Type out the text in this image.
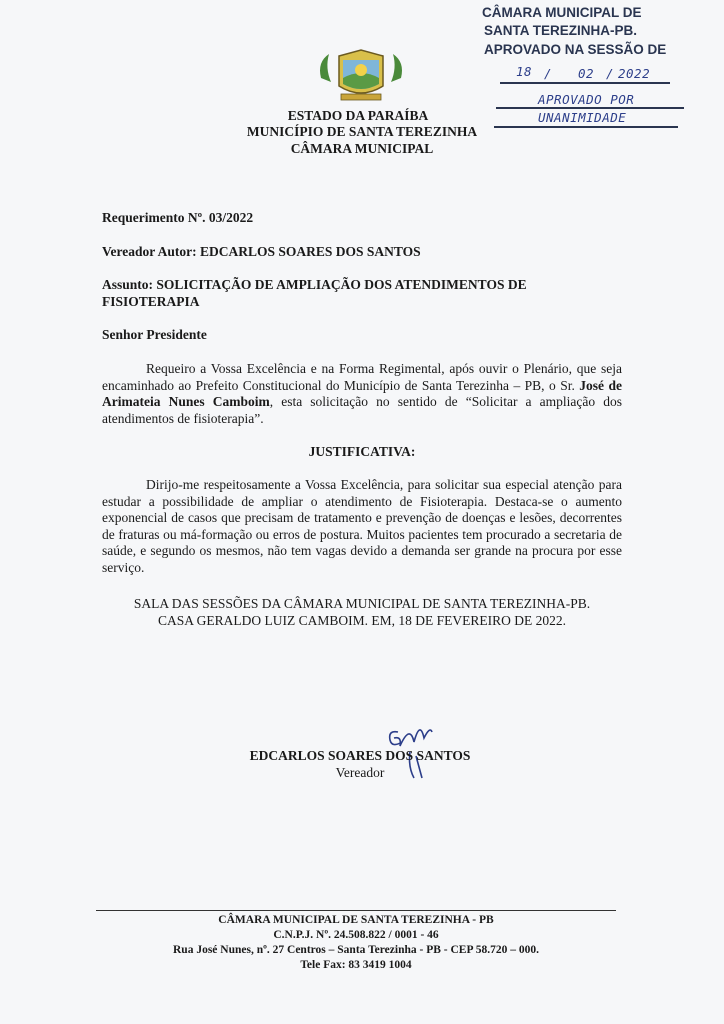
CÂMARA MUNICIPAL DE
SANTA TEREZINHA-PB.
APROVADO NA SESSÃO DE
18 / 02 / 2022
APROVADO POR
UNANIMIDADE
ESTADO DA PARAÍBA
MUNICÍPIO DE SANTA TEREZINHA
CÂMARA MUNICIPAL
Requerimento Nº. 03/2022
Vereador Autor: EDCARLOS SOARES DOS SANTOS
Assunto: SOLICITAÇÃO DE AMPLIAÇÃO DOS ATENDIMENTOS DE FISIOTERAPIA
Senhor Presidente
Requeiro a Vossa Excelência e na Forma Regimental, após ouvir o Plenário, que seja encaminhado ao Prefeito Constitucional do Município de Santa Terezinha – PB, o Sr. José de Arimateia Nunes Camboim, esta solicitação no sentido de “Solicitar a ampliação dos atendimentos de fisioterapia”.
JUSTIFICATIVA:
Dirijo-me respeitosamente a Vossa Excelência, para solicitar sua especial atenção para estudar a possibilidade de ampliar o atendimento de Fisioterapia. Destaca-se o aumento exponencial de casos que precisam de tratamento e prevenção de doenças e lesões, decorrentes de fraturas ou má-formação ou erros de postura. Muitos pacientes tem procurado a secretaria de saúde, e segundo os mesmos, não tem vagas devido a demanda ser grande na procura por esse serviço.
SALA DAS SESSÕES DA CÂMARA MUNICIPAL DE SANTA TEREZINHA-PB.
CASA GERALDO LUIZ CAMBOIM. EM, 18 DE FEVEREIRO DE 2022.
EDCARLOS SOARES DOS SANTOS
Vereador
CÂMARA MUNICIPAL DE SANTA TEREZINHA - PB
C.N.P.J. Nº. 24.508.822 / 0001 - 46
Rua José Nunes, nº. 27 Centros – Santa Terezinha - PB - CEP 58.720 – 000.
Tele Fax: 83 3419 1004
